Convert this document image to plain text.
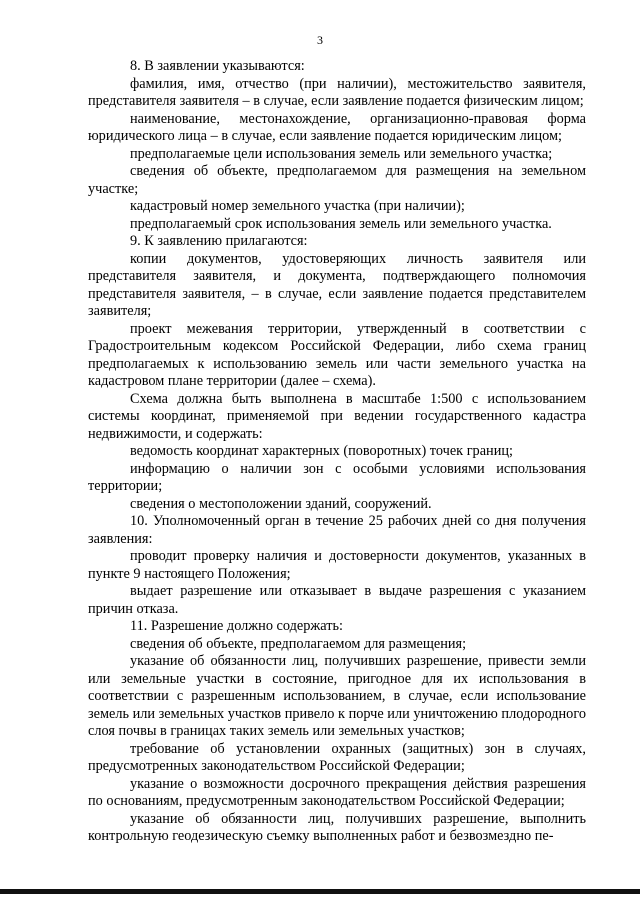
3

8. В заявлении указываются:

фамилия, имя, отчество (при наличии), местожительство заявителя, представителя заявителя – в случае, если заявление подается физическим лицом;

наименование, местонахождение, организационно-правовая форма юридического лица – в случае, если заявление подается юридическим лицом;

предполагаемые цели использования земель или земельного участка;

сведения об объекте, предполагаемом для размещения на земельном участке;

кадастровый номер земельного участка (при наличии);

предполагаемый срок использования земель или земельного участка.

9. К заявлению прилагаются:

копии документов, удостоверяющих личность заявителя или представителя заявителя, и документа, подтверждающего полномочия представителя заявителя, – в случае, если заявление подается представителем заявителя;

проект межевания территории, утвержденный в соответствии с Градостроительным кодексом Российской Федерации, либо схема границ предполагаемых к использованию земель или части земельного участка на кадастровом плане территории (далее – схема).

Схема должна быть выполнена в масштабе 1:500 с использованием системы координат, применяемой при ведении государственного кадастра недвижимости, и содержать:

ведомость координат характерных (поворотных) точек границ;

информацию о наличии зон с особыми условиями использования территории;

сведения о местоположении зданий, сооружений.

10. Уполномоченный орган в течение 25 рабочих дней со дня получения заявления:

проводит проверку наличия и достоверности документов, указанных в пункте 9 настоящего Положения;

выдает разрешение или отказывает в выдаче разрешения с указанием причин отказа.

11. Разрешение должно содержать:

сведения об объекте, предполагаемом для размещения;

указание об обязанности лиц, получивших разрешение, привести земли или земельные участки в состояние, пригодное для их использования в соответствии с разрешенным использованием, в случае, если использование земель или земельных участков привело к порче или уничтожению плодородного слоя почвы в границах таких земель или земельных участков;

требование об установлении охранных (защитных) зон в случаях, предусмотренных законодательством Российской Федерации;

указание о возможности досрочного прекращения действия разрешения по основаниям, предусмотренным законодательством Российской Федерации;

указание об обязанности лиц, получивших разрешение, выполнить контрольную геодезическую съемку выполненных работ и безвозмездно пе-
